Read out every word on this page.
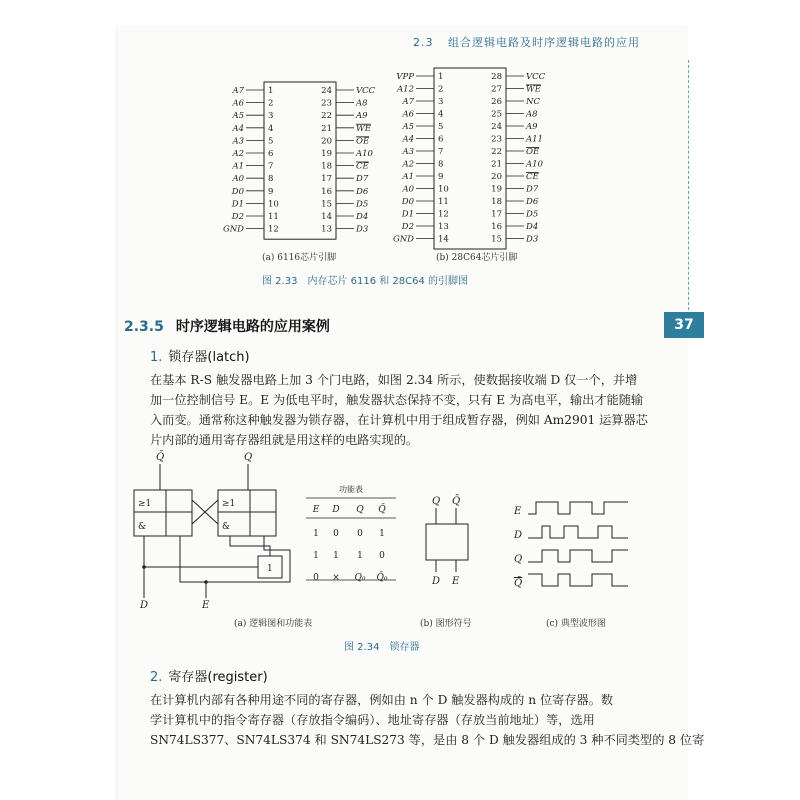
2.3 组合逻辑电路及时序逻辑电路的应用
37
A7	1	24	VCC
A6	2	23	A8
A5	3	22	A9
A4	4	21	WE
A3	5	20	OE
A2	6	19	A10
A1	7	18	CE
A0	8	17	D7
D0	9	16	D6
D1	10	15	D5
D2	11	14	D4
GND	12	13	D3
(a) 6116芯片引脚
VPP	1	28	VCC
A12	2	27	WE
A7	3	26	NC
A6	4	25	A8
A5	5	24	A9
A4	6	23	A11
A3	7	22	OE
A2	8	21	A10
A1	9	20	CE
A0	10	19	D7
D0	11	18	D6
D1	12	17	D5
D2	13	16	D4
GND	14	15	D3
(b) 28C64芯片引脚
图 2.33　内存芯片 6116 和 28C64 的引脚图
2.3.5 时序逻辑电路的应用案例
1. 锁存器(latch)
在基本 R-S 触发器电路上加 3 个门电路，如图 2.34 所示，使数据接收端 D 仅一个，并增
加一位控制信号 E。E 为低电平时，触发器状态保持不变，只有 E 为高电平，输出才能随输
入而变。通常称这种触发器为锁存器，在计算机中用于组成暂存器，例如 Am2901 运算器芯
片内部的通用寄存器组就是用这样的电路实现的。
Q̄	Q
≥1
&
≥1
&
1
D	E
功能表
E D Q Q̄
1 0 0 1
1 1 1 0
0 × Q₀ Q̄₀
Q Q̄
D E
E
D
Q
Q̄
(a) 逻辑图和功能表	(b) 图形符号	(c) 典型波形图
图 2.34　锁存器
2. 寄存器(register)
在计算机内部有各种用途不同的寄存器，例如由 n 个 D 触发器构成的 n 位寄存器。数
学计算机中的指令寄存器（存放指令编码）、地址寄存器（存放当前地址）等，选用
SN74LS377、SN74LS374 和 SN74LS273 等，是由 8 个 D 触发器组成的 3 种不同类型的 8 位寄
